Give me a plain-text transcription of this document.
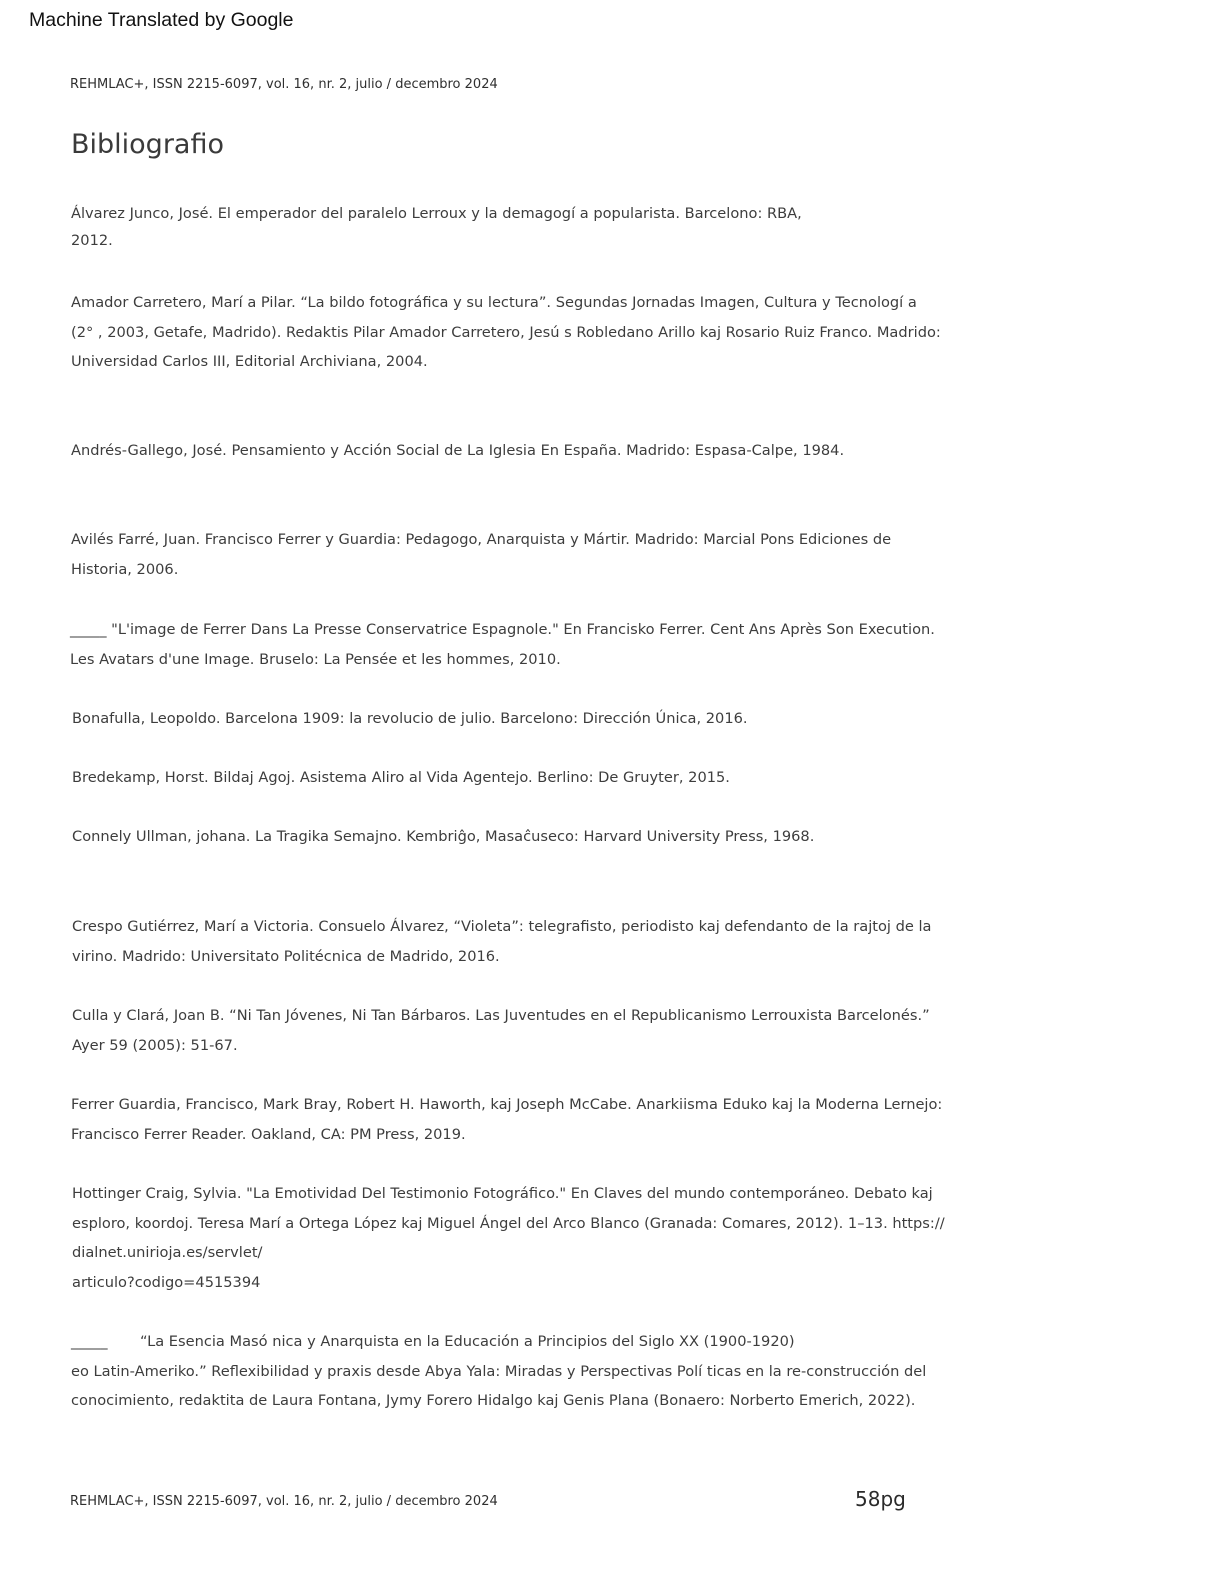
Machine Translated by Google
REHMLAC+, ISSN 2215-6097, vol. 16, nr. 2, julio / decembro 2024
Bibliografio
Álvarez Junco, José. El emperador del paralelo Lerroux y la demagogí a popularista. Barcelono: RBA,
2012.
Amador Carretero, Marí a Pilar. “La bildo fotográfica y su lectura”. Segundas Jornadas Imagen, Cultura y Tecnologí a
(2° , 2003, Getafe, Madrido). Redaktis Pilar Amador Carretero, Jesú s Robledano Arillo kaj Rosario Ruiz Franco. Madrido:
Universidad Carlos III, Editorial Archiviana, 2004.
Andrés-Gallego, José. Pensamiento y Acción Social de La Iglesia En España. Madrido: Espasa-Calpe, 1984.
Avilés Farré, Juan. Francisco Ferrer y Guardia: Pedagogo, Anarquista y Mártir. Madrido: Marcial Pons Ediciones de
Historia, 2006.
_____ "L'image de Ferrer Dans La Presse Conservatrice Espagnole." En Francisko Ferrer. Cent Ans Après Son Execution.
Les Avatars d'une Image. Bruselo: La Pensée et les hommes, 2010.
Bonafulla, Leopoldo. Barcelona 1909: la revolucio de julio. Barcelono: Dirección Única, 2016.
Bredekamp, Horst. Bildaj Agoj. Asistema Aliro al Vida Agentejo. Berlino: De Gruyter, 2015.
Connely Ullman, johana. La Tragika Semajno. Kembriĝo, Masaĉuseco: Harvard University Press, 1968.
Crespo Gutiérrez, Marí a Victoria. Consuelo Álvarez, “Violeta”: telegrafisto, periodisto kaj defendanto de la rajtoj de la
virino. Madrido: Universitato Politécnica de Madrido, 2016.
Culla y Clará, Joan B. “Ni Tan Jóvenes, Ni Tan Bárbaros. Las Juventudes en el Republicanismo Lerrouxista Barcelonés.”
Ayer 59 (2005): 51-67.
Ferrer Guardia, Francisco, Mark Bray, Robert H. Haworth, kaj Joseph McCabe. Anarkiisma Eduko kaj la Moderna Lernejo:
Francisco Ferrer Reader. Oakland, CA: PM Press, 2019.
Hottinger Craig, Sylvia. "La Emotividad Del Testimonio Fotográfico." En Claves del mundo contemporáneo. Debato kaj
esploro, koordoj. Teresa Marí a Ortega López kaj Miguel Ángel del Arco Blanco (Granada: Comares, 2012). 1–13. https://
dialnet.unirioja.es/servlet/
articulo?codigo=4515394
_____       “La Esencia Masó nica y Anarquista en la Educación a Principios del Siglo XX (1900-1920)
eo Latin-Ameriko.” Reflexibilidad y praxis desde Abya Yala: Miradas y Perspectivas Polí ticas en la re-construcción del
conocimiento, redaktita de Laura Fontana, Jymy Forero Hidalgo kaj Genis Plana (Bonaero: Norberto Emerich, 2022).
REHMLAC+, ISSN 2215-6097, vol. 16, nr. 2, julio / decembro 2024	58pg
